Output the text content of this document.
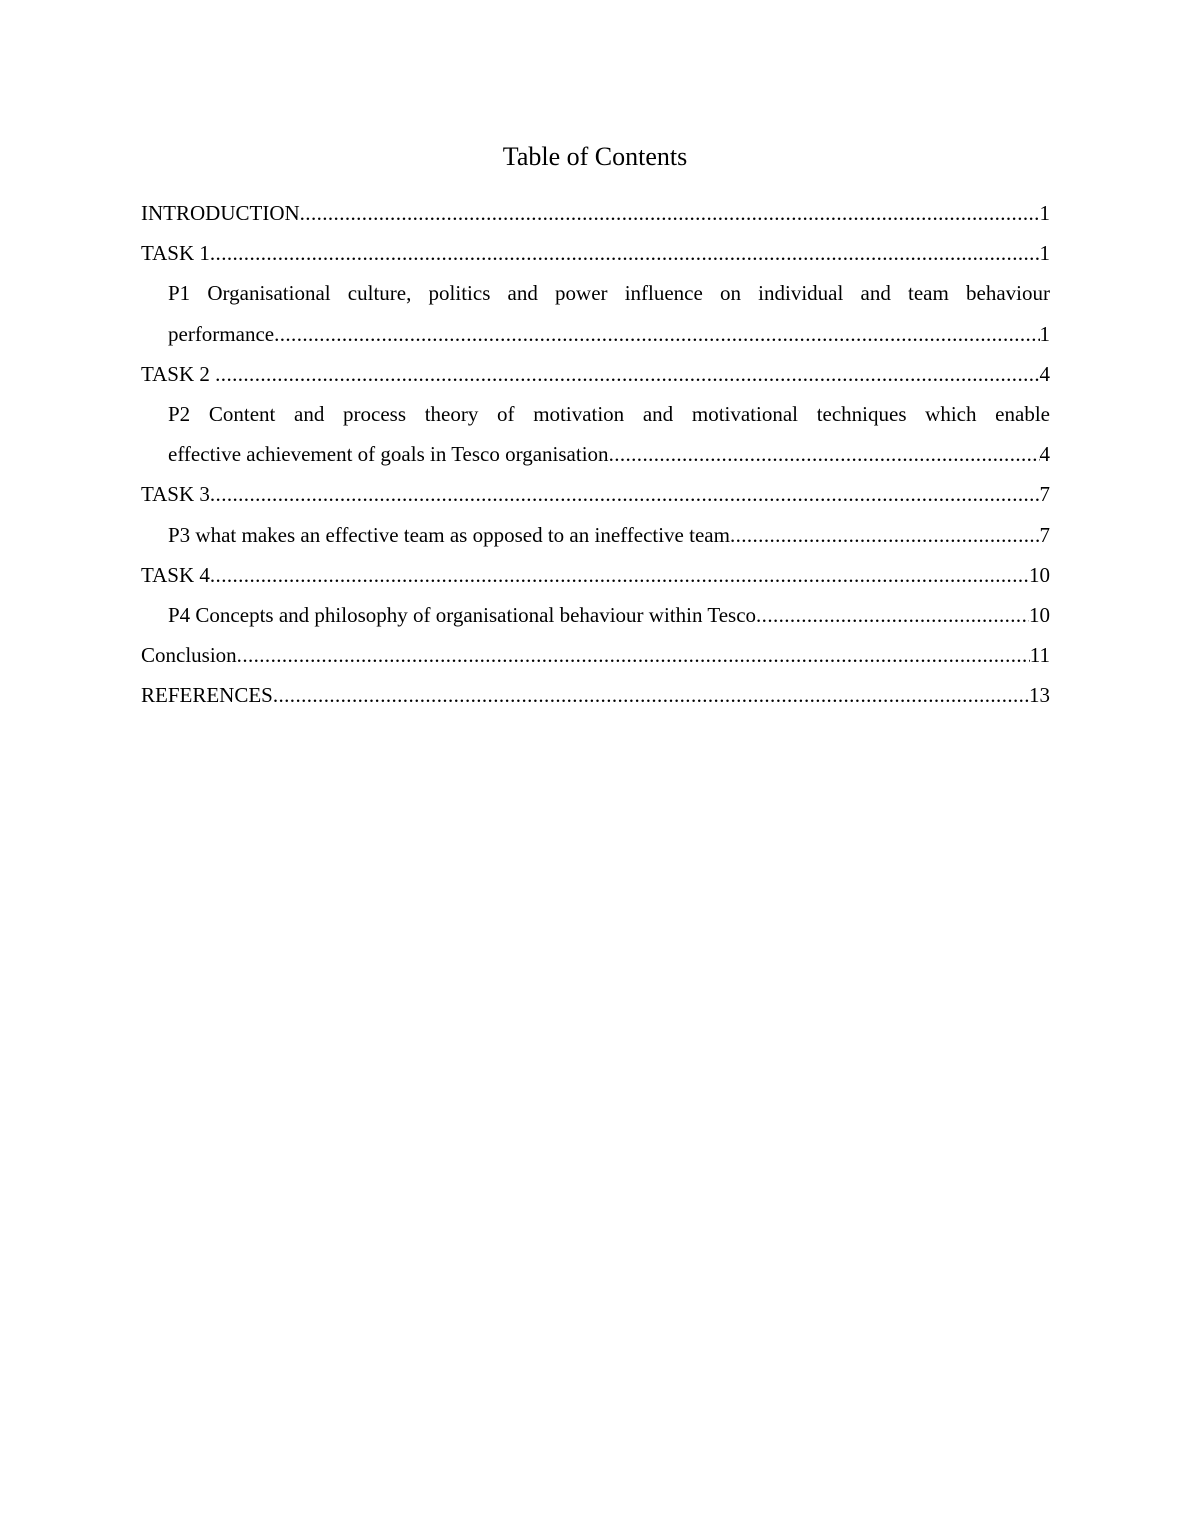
Table of Contents
INTRODUCTION .....	1
TASK 1 .....	1
P1 Organisational culture, politics and power influence on individual and team behaviour
performance .....	1
TASK 2 .....	4
P2 Content and process theory of motivation and motivational techniques which enable
effective achievement of goals in Tesco organisation .....	4
TASK 3 .....	7
P3 what makes an effective team as opposed to an ineffective team .....	7
TASK 4 .....	10
P4 Concepts and philosophy of organisational behaviour within Tesco .....	10
Conclusion .....	11
REFERENCES .....	13
